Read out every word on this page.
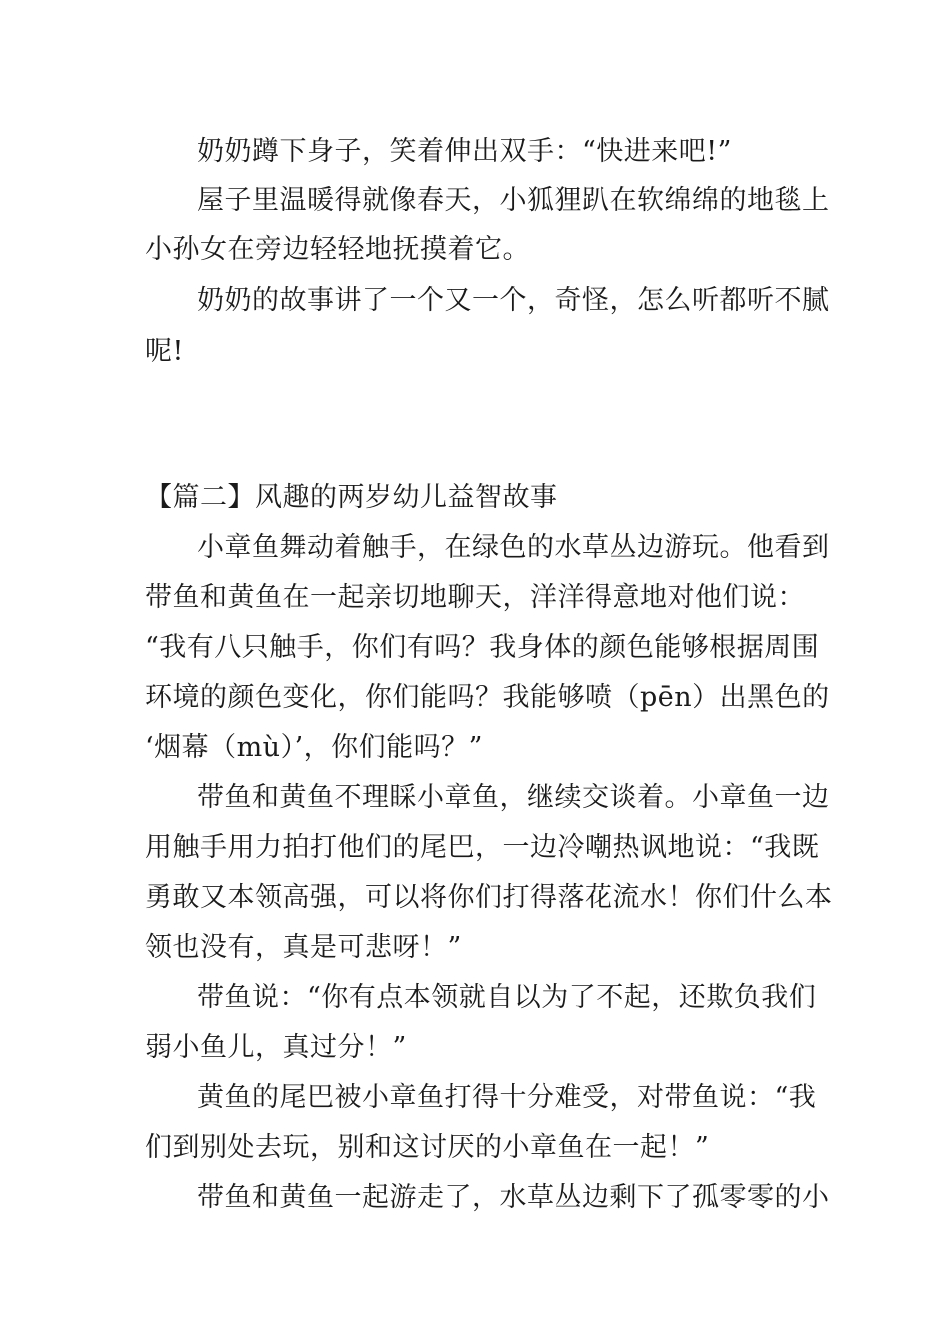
奶奶蹲下身子，笑着伸出双手：“快进来吧!”
屋子里温暖得就像春天，小狐狸趴在软绵绵的地毯上
小孙女在旁边轻轻地抚摸着它。
奶奶的故事讲了一个又一个，奇怪，怎么听都听不腻
呢!
【篇二】风趣的两岁幼儿益智故事
小章鱼舞动着触手，在绿色的水草丛边游玩。他看到
带鱼和黄鱼在一起亲切地聊天，洋洋得意地对他们说：
“我有八只触手，你们有吗？我身体的颜色能够根据周围
环境的颜色变化，你们能吗？我能够喷（pēn）出黑色的
‘烟幕（mù）’，你们能吗？”
带鱼和黄鱼不理睬小章鱼，继续交谈着。小章鱼一边
用触手用力拍打他们的尾巴，一边冷嘲热讽地说：“我既
勇敢又本领高强，可以将你们打得落花流水！你们什么本
领也没有，真是可悲呀！”
带鱼说：“你有点本领就自以为了不起，还欺负我们
弱小鱼儿，真过分！”
黄鱼的尾巴被小章鱼打得十分难受，对带鱼说：“我
们到别处去玩，别和这讨厌的小章鱼在一起！”
带鱼和黄鱼一起游走了，水草丛边剩下了孤零零的小
